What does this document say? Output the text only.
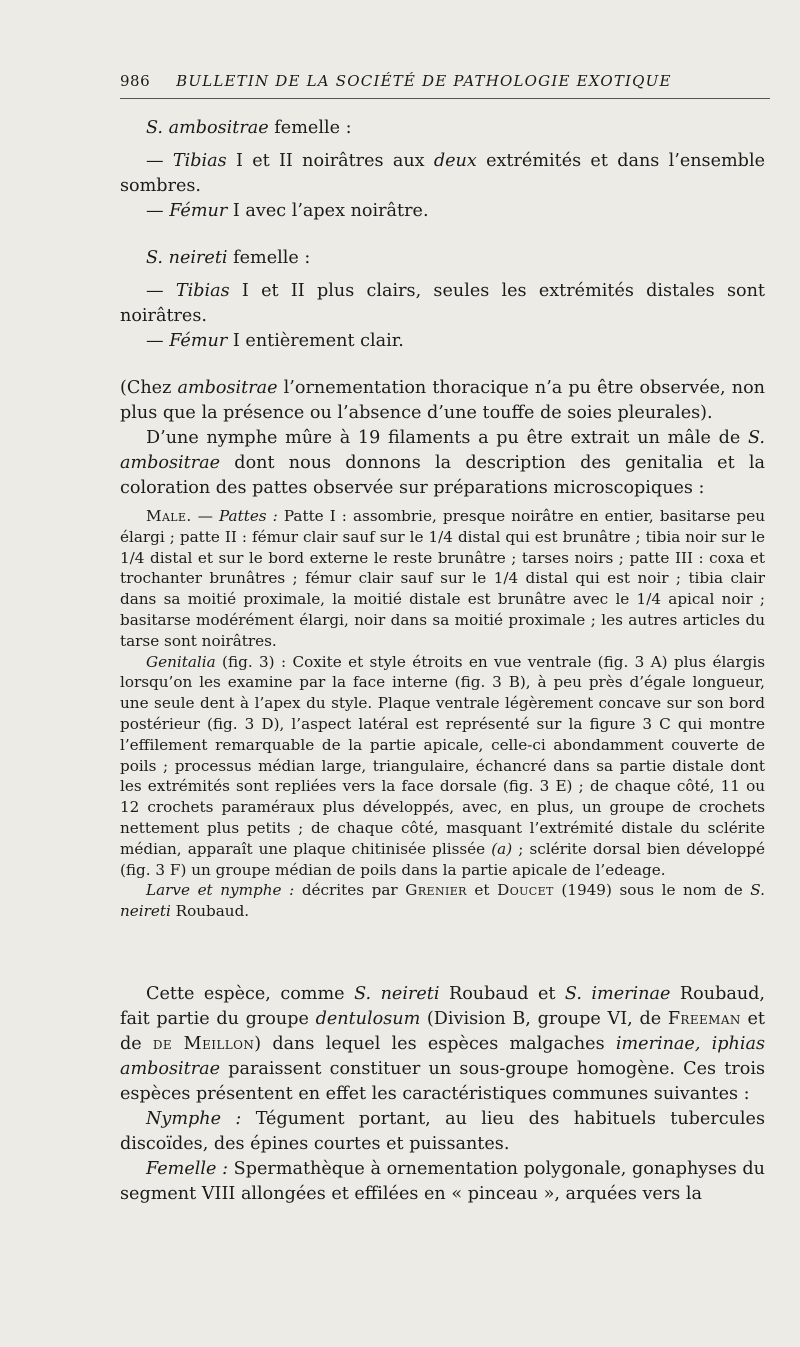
986 BULLETIN DE LA SOCIÉTÉ DE PATHOLOGIE EXOTIQUE

S. ambositrae femelle :

— Tibias I et II noirâtres aux deux extrémités et dans l’ensemble sombres.

— Fémur I avec l’apex noirâtre.

S. neireti femelle :

— Tibias I et II plus clairs, seules les extrémités distales sont noirâtres.

— Fémur I entièrement clair.

(Chez ambositrae l’ornementation thoracique n’a pu être observée, non plus que la présence ou l’absence d’une touffe de soies pleurales).

D’une nymphe mûre à 19 filaments a pu être extrait un mâle de S. ambositrae dont nous donnons la description des genitalia et la coloration des pattes observée sur préparations microscopiques :

Male. — Pattes : Patte I : assombrie, presque noirâtre en entier, basitarse peu élargi ; patte II : fémur clair sauf sur le 1/4 distal qui est brunâtre ; tibia noir sur le 1/4 distal et sur le bord externe le reste brunâtre ; tarses noirs ; patte III : coxa et trochanter brunâtres ; fémur clair sauf sur le 1/4 distal qui est noir ; tibia clair dans sa moitié proximale, la moitié distale est brunâtre avec le 1/4 apical noir ; basitarse modérément élargi, noir dans sa moitié proximale ; les autres articles du tarse sont noirâtres.

Genitalia (fig. 3) : Coxite et style étroits en vue ventrale (fig. 3 A) plus élargis lorsqu’on les examine par la face interne (fig. 3 B), à peu près d’égale longueur, une seule dent à l’apex du style. Plaque ventrale légèrement concave sur son bord postérieur (fig. 3 D), l’aspect latéral est représenté sur la figure 3 C qui montre l’effilement remarquable de la partie apicale, celle-ci abondamment couverte de poils ; processus médian large, triangulaire, échancré dans sa partie distale dont les extrémités sont repliées vers la face dorsale (fig. 3 E) ; de chaque côté, 11 ou 12 crochets paraméraux plus développés, avec, en plus, un groupe de crochets nettement plus petits ; de chaque côté, masquant l’extrémité distale du sclérite médian, apparaît une plaque chitinisée plissée (a) ; sclérite dorsal bien développé (fig. 3 F) un groupe médian de poils dans la partie apicale de l’edeage.

Larve et nymphe : décrites par Grenier et Doucet (1949) sous le nom de S. neireti Roubaud.

Cette espèce, comme S. neireti Roubaud et S. imerinae Roubaud, fait partie du groupe dentulosum (Division B, groupe VI, de Freeman et de de Meillon) dans lequel les espèces malgaches imerinae, iphias ambositrae paraissent constituer un sous-groupe homogène. Ces trois espèces présentent en effet les caractéristiques communes suivantes :

Nymphe : Tégument portant, au lieu des habituels tubercules discoïdes, des épines courtes et puissantes.

Femelle : Spermathèque à ornementation polygonale, gonaphyses du segment VIII allongées et effilées en « pinceau », arquées vers la
